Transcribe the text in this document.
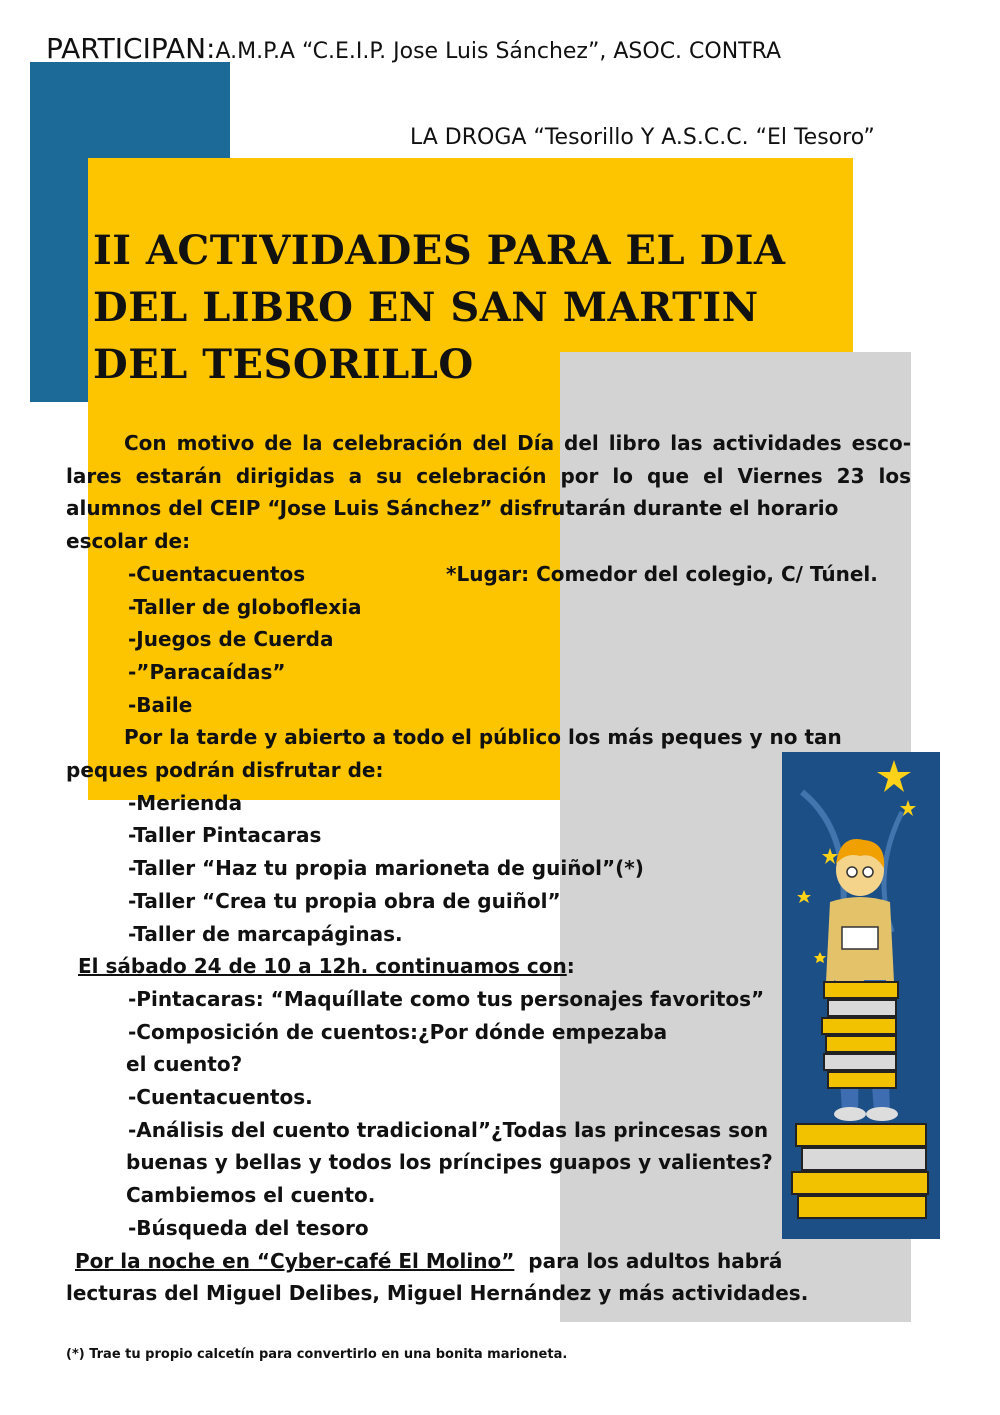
PARTICIPAN:A.M.P.A “C.E.I.P. Jose Luis Sánchez”, ASOC. CONTRA
LA DROGA “Tesorillo Y A.S.C.C. “El Tesoro”
II ACTIVIDADES PARA EL DIA
DEL LIBRO EN SAN MARTIN
DEL TESORILLO
Con motivo de la celebración del Día del libro las actividades esco-
lares estarán dirigidas a su celebración por lo que el Viernes 23 los
alumnos del CEIP “Jose Luis Sánchez” disfrutarán durante el horario
escolar de:
-Cuentacuentos	*Lugar: Comedor del colegio, C/ Túnel.
-Taller de globoflexia
-Juegos de Cuerda
-”Paracaídas”
-Baile
Por la tarde y abierto a todo el público los más peques y no tan
peques podrán disfrutar de:
-Merienda
-Taller Pintacaras
-Taller “Haz tu propia marioneta de guiñol”(*)
-Taller “Crea tu propia obra de guiñol”
-Taller de marcapáginas.
El sábado 24 de 10 a 12h. continuamos con:
-Pintacaras: “Maquíllate como tus personajes favoritos”
-Composición de cuentos:¿Por dónde empezaba
el cuento?
-Cuentacuentos.
-Análisis del cuento tradicional”¿Todas las princesas son
buenas y bellas y todos los príncipes guapos y valientes?
Cambiemos el cuento.
-Búsqueda del tesoro
Por la noche en “Cyber-café El Molino”  para los adultos habrá
lecturas del Miguel Delibes, Miguel Hernández y más actividades.
(*) Trae tu propio calcetín para convertirlo en una bonita marioneta.
